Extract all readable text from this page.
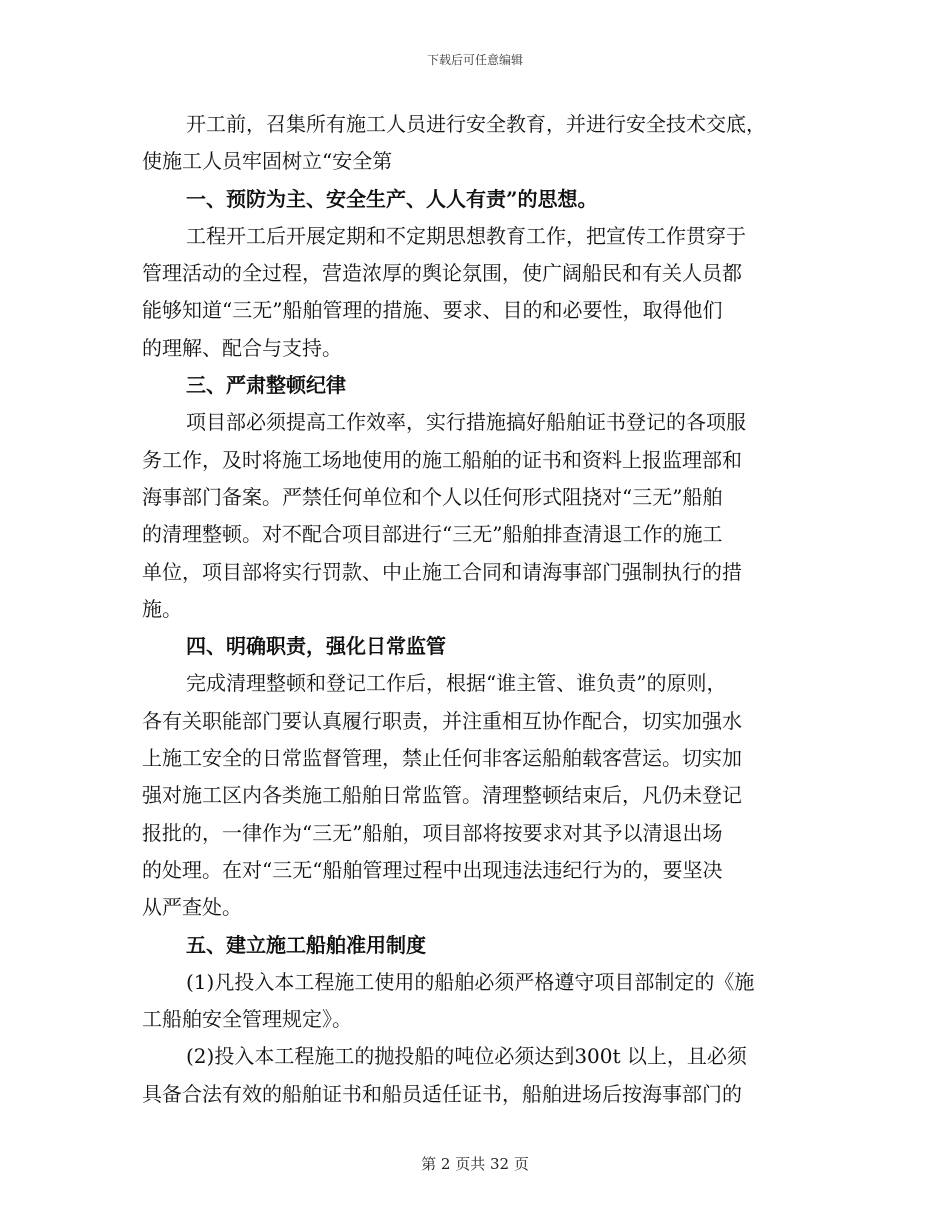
下载后可任意编辑

开工前，召集所有施工人员进行安全教育，并进行安全技术交底，

使施工人员牢固树立“安全第

一、预防为主、安全生产、人人有责”的思想。

工程开工后开展定期和不定期思想教育工作，把宣传工作贯穿于

管理活动的全过程，营造浓厚的舆论氛围，使广阔船民和有关人员都

能够知道“三无”船舶管理的措施、要求、目的和必要性，取得他们

的理解、配合与支持。

三、严肃整顿纪律

项目部必须提高工作效率，实行措施搞好船舶证书登记的各项服

务工作，及时将施工场地使用的施工船舶的证书和资料上报监理部和

海事部门备案。严禁任何单位和个人以任何形式阻挠对“三无”船舶

的清理整顿。对不配合项目部进行“三无”船舶排查清退工作的施工

单位，项目部将实行罚款、中止施工合同和请海事部门强制执行的措

施。

四、明确职责，强化日常监管

完成清理整顿和登记工作后，根据“谁主管、谁负责”的原则，

各有关职能部门要认真履行职责，并注重相互协作配合，切实加强水

上施工安全的日常监督管理，禁止任何非客运船舶载客营运。切实加

强对施工区内各类施工船舶日常监管。清理整顿结束后，凡仍未登记

报批的，一律作为“三无”船舶，项目部将按要求对其予以清退出场

的处理。在对“三无“船舶管理过程中出现违法违纪行为的，要坚决

从严查处。

五、建立施工船舶准用制度

(1)凡投入本工程施工使用的船舶必须严格遵守项目部制定的《施

工船舶安全管理规定》。

(2)投入本工程施工的抛投船的吨位必须达到300t 以上，且必须

具备合法有效的船舶证书和船员适任证书，船舶进场后按海事部门的

第 2 页共 32 页
